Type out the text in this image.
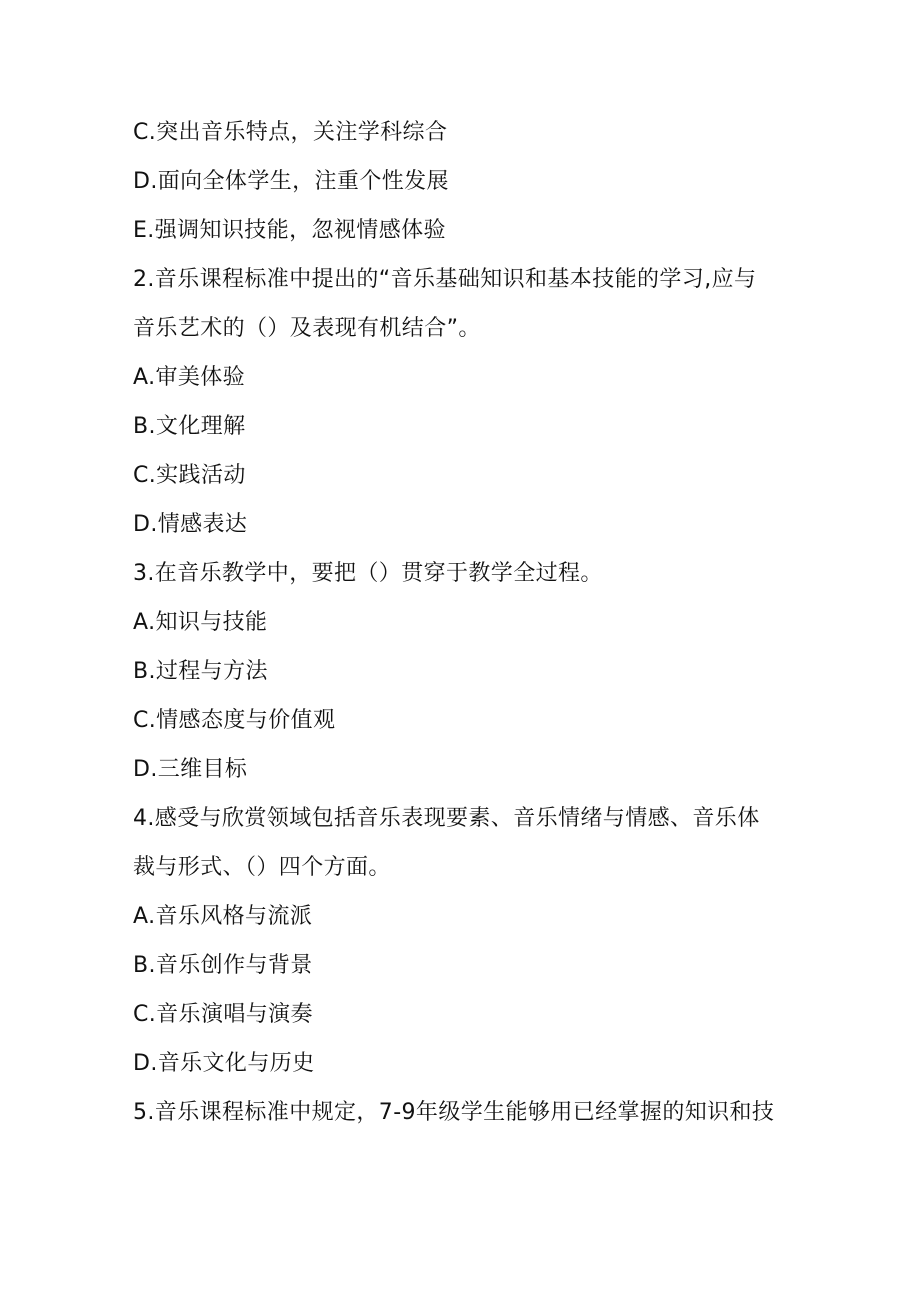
C.突出音乐特点，关注学科综合
D.面向全体学生，注重个性发展
E.强调知识技能，忽视情感体验
2.音乐课程标准中提出的“音乐基础知识和基本技能的学习,应与
音乐艺术的（）及表现有机结合”。
A.审美体验
B.文化理解
C.实践活动
D.情感表达
3.在音乐教学中，要把（）贯穿于教学全过程。
A.知识与技能
B.过程与方法
C.情感态度与价值观
D.三维目标
4.感受与欣赏领域包括音乐表现要素、音乐情绪与情感、音乐体
裁与形式、（）四个方面。
A.音乐风格与流派
B.音乐创作与背景
C.音乐演唱与演奏
D.音乐文化与历史
5.音乐课程标准中规定，7-9年级学生能够用已经掌握的知识和技
